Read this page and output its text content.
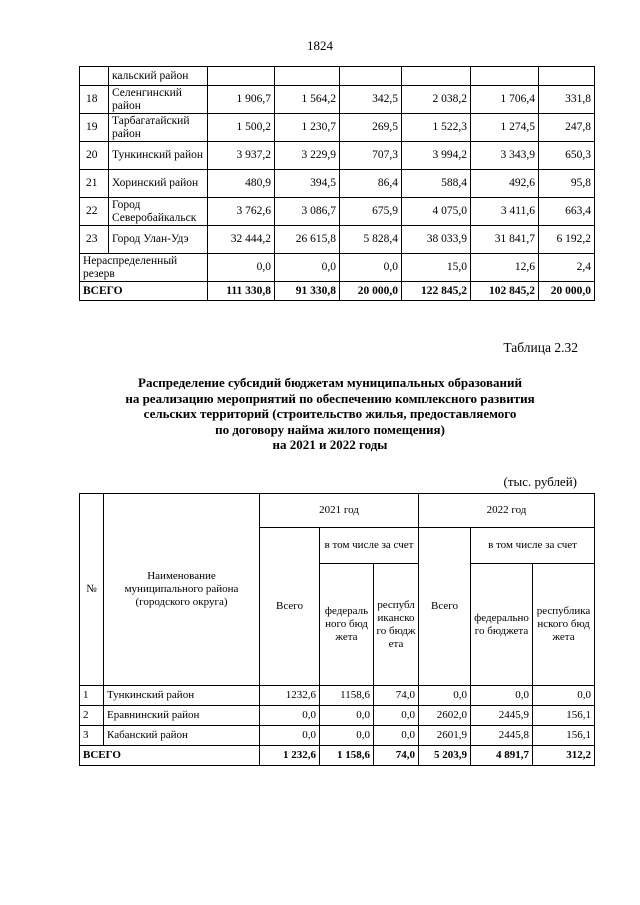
1824
	кальский район						
18	Селенгинский район	1 906,7	1 564,2	342,5	2 038,2	1 706,4	331,8
19	Тарбагатайский район	1 500,2	1 230,7	269,5	1 522,3	1 274,5	247,8
20	Тункинский район	3 937,2	3 229,9	707,3	3 994,2	3 343,9	650,3
21	Хоринский район	480,9	394,5	86,4	588,4	492,6	95,8
22	Город Северобайкальск	3 762,6	3 086,7	675,9	4 075,0	3 411,6	663,4
23	Город Улан-Удэ	32 444,2	26 615,8	5 828,4	38 033,9	31 841,7	6 192,2
Нераспределенный резерв		0,0	0,0	0,0	15,0	12,6	2,4
ВСЕГО		111 330,8	91 330,8	20 000,0	122 845,2	102 845,2	20 000,0
Таблица 2.32
Распределение субсидий бюджетам муниципальных образований
на реализацию мероприятий по обеспечению комплексного развития
сельских территорий (строительство жилья, предоставляемого
по договору найма жилого помещения)
на 2021 и 2022 годы
(тыс. рублей)
№	Наименование муниципального района (городского округа)	2021 год			2022 год		
		Всего	в том числе за счет		Всего	в том числе за счет	
			федерального бюджета	республиканского бюджета		федерального бюджета	республиканского бюджета
1	Тункинский район	1232,6	1158,6	74,0	0,0	0,0	0,0
2	Еравнинский район	0,0	0,0	0,0	2602,0	2445,9	156,1
3	Кабанский район	0,0	0,0	0,0	2601,9	2445,8	156,1
ВСЕГО		1 232,6	1 158,6	74,0	5 203,9	4 891,7	312,2
